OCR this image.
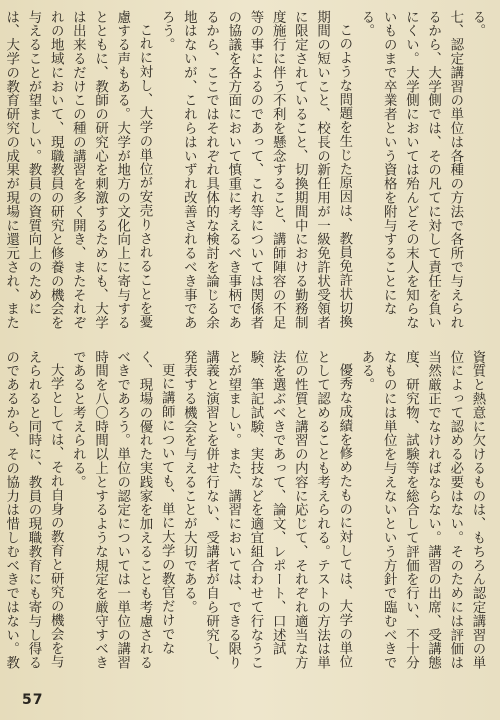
る。

七、認定講習の単位は各種の方法で各所で与えられるから、大学側では、その凡てに対して責任を負いにくい。大学側においては殆んどその末人を知らないものまで卒業者という資格を附与することになる。

このような問題を生じた原因は、教員免許状切換期間の短いこと、校長の新任用が一級免許状受領者に限定されていること、切換期間中における勤務制度施行に伴う不利を懸念すること、講師陣容の不足等の事によるのであって、これ等については関係者の協議を各方面において慎重に考えるべき事柄であるから、ここではそれぞれ具体的な検討を論じる余地はないが、これらはいずれ改善されるべき事であろう。

これに対し、大学の単位が安売りされることを憂慮する声もある。大学が地方の文化向上に寄与するとともに、教師の研究心を刺激するためにも、大学は出来るだけこの種の講習を多く開き、またそれぞれの地域において、現職教員の研究と修養の機会を与えることが望ましい。教員の資質向上のためには、大学の教育研究の成果が現場に還元され、また

資質と熱意に欠けるものは、もちろん認定講習の単位によって認める必要はない。そのためには評価は当然厳正でなければならない。講習の出席、受講態度、研究物、試験等を総合して評価を行い、不十分なものには単位を与えないという方針で臨むべきである。

優秀な成績を修めたものに対しては、大学の単位として認めることも考えられる。テストの方法は単位の性質と講習の内容に応じて、それぞれ適当な方法を選ぶべきであって、論文、レポート、口述試験、筆記試験、実技などを適宜組合わせて行なうことが望ましい。また、講習においては、できる限り講義と演習とを併せ行ない、受講者が自ら研究し、発表する機会を与えることが大切である。

更に講師についても、単に大学の教官だけでなく、現場の優れた実践家を加えることも考慮されるべきであろう。単位の認定については一単位の講習時間を八〇時間以上とするような規定を厳守すべきであると考えられる。

大学としては、それ自身の教育と研究の機会を与えられると同時に、教員の現職教育にも寄与し得るのであるから、その協力は惜しむべきではない。教

57
